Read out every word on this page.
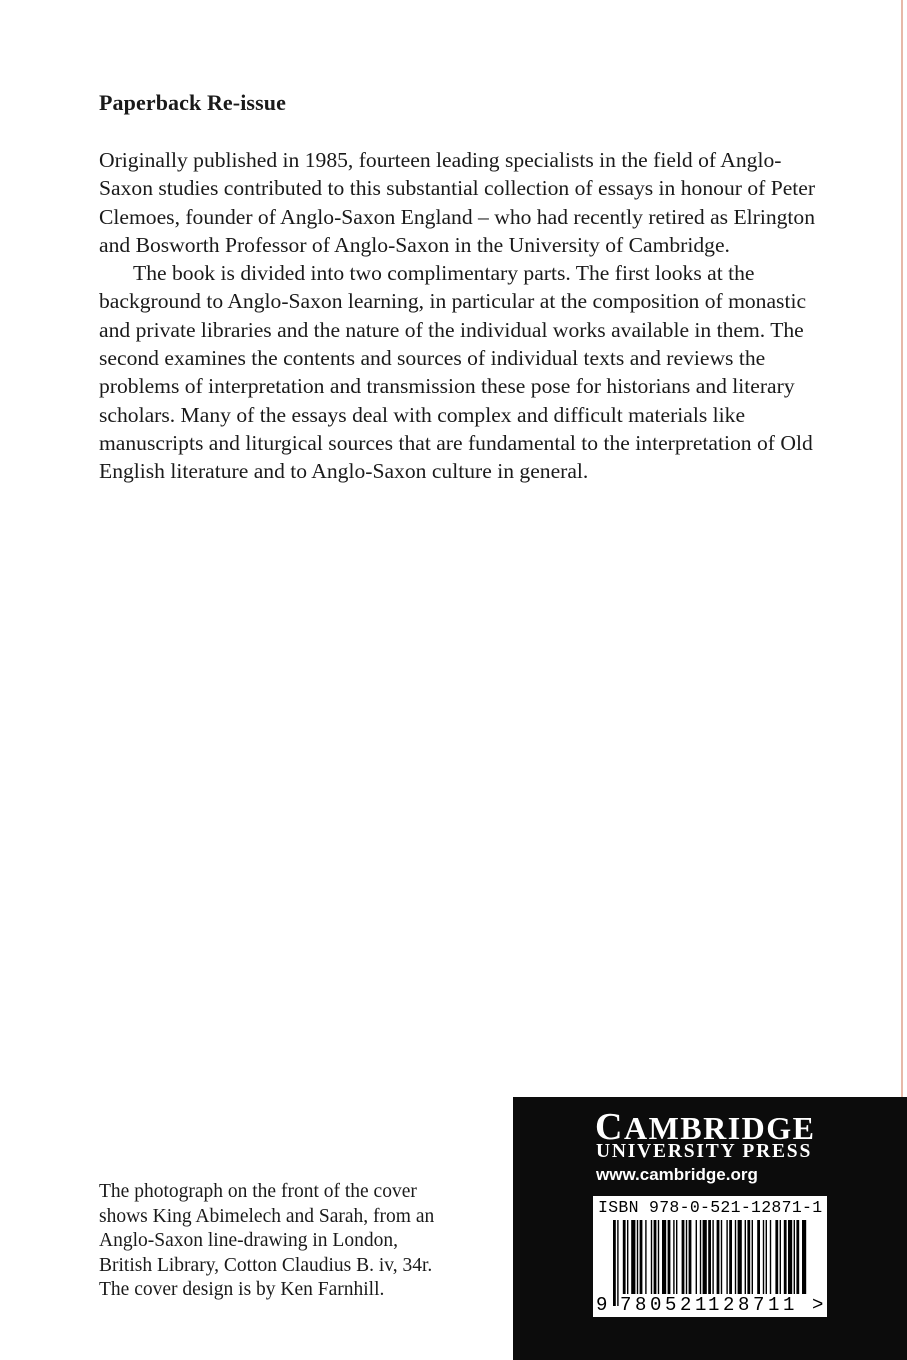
Paperback Re-issue

Originally published in 1985, fourteen leading specialists in the field of Anglo-Saxon studies contributed to this substantial collection of essays in honour of Peter Clemoes, founder of Anglo-Saxon England – who had recently retired as Elrington and Bosworth Professor of Anglo-Saxon in the University of Cambridge.

The book is divided into two complimentary parts. The first looks at the background to Anglo-Saxon learning, in particular at the composition of monastic and private libraries and the nature of the individual works available in them. The second examines the contents and sources of individual texts and reviews the problems of interpretation and transmission these pose for historians and literary scholars. Many of the essays deal with complex and difficult materials like manuscripts and liturgical sources that are fundamental to the interpretation of Old English literature and to Anglo-Saxon culture in general.

The photograph on the front of the cover
shows King Abimelech and Sarah, from an
Anglo-Saxon line-drawing in London,
British Library, Cotton Claudius B. iv, 34r.
The cover design is by Ken Farnhill.
CAMBRIDGE
UNIVERSITY PRESS
www.cambridge.org
ISBN 978-0-521-12871-1
9 780521
128711 >
